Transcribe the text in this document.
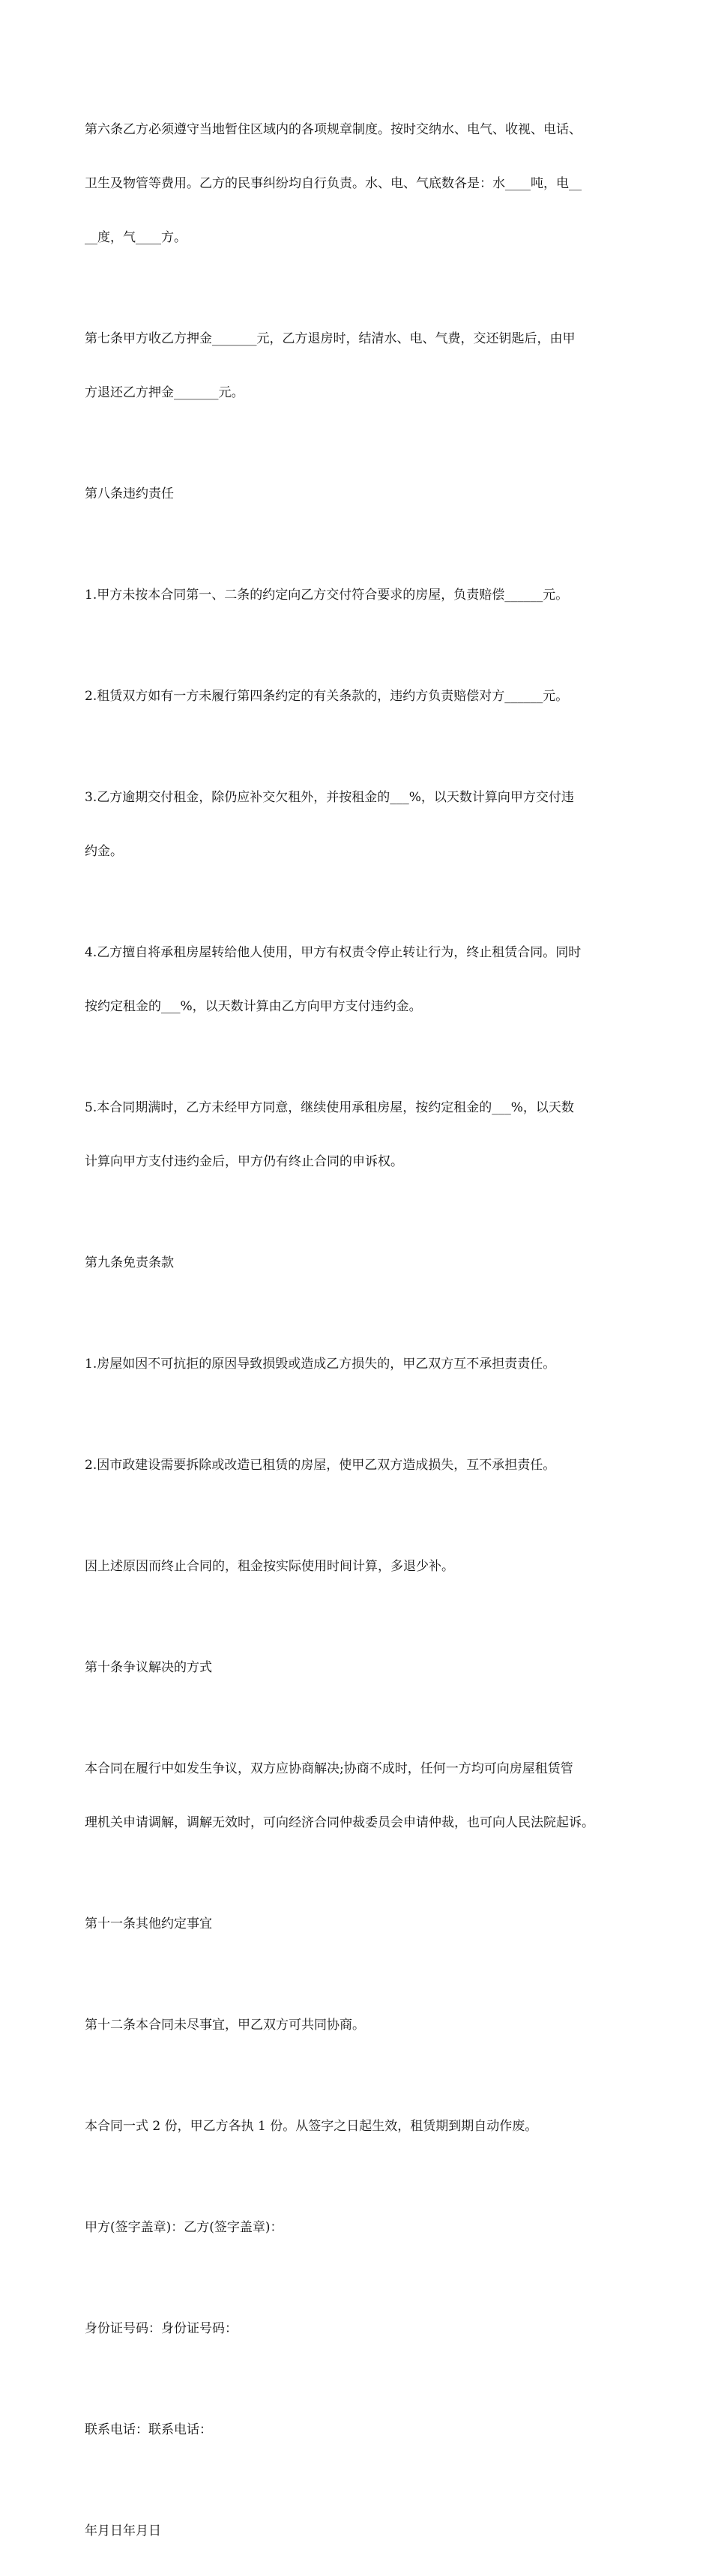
第六条乙方必须遵守当地暂住区域内的各项规章制度。按时交纳水、电气、收视、电话、

卫生及物管等费用。乙方的民事纠纷均自行负责。水、电、气底数各是：水____吨，电__

__度，气____方。

第七条甲方收乙方押金_______元，乙方退房时，结清水、电、气费，交还钥匙后，由甲

方退还乙方押金_______元。

第八条违约责任

1.甲方未按本合同第一、二条的约定向乙方交付符合要求的房屋，负责赔偿______元。

2.租赁双方如有一方未履行第四条约定的有关条款的，违约方负责赔偿对方______元。

3.乙方逾期交付租金，除仍应补交欠租外，并按租金的___%，以天数计算向甲方交付违

约金。

4.乙方擅自将承租房屋转给他人使用，甲方有权责令停止转让行为，终止租赁合同。同时

按约定租金的___%，以天数计算由乙方向甲方支付违约金。

5.本合同期满时，乙方未经甲方同意，继续使用承租房屋，按约定租金的___%，以天数

计算向甲方支付违约金后，甲方仍有终止合同的申诉权。

第九条免责条款

1.房屋如因不可抗拒的原因导致损毁或造成乙方损失的，甲乙双方互不承担责责任。

2.因市政建设需要拆除或改造已租赁的房屋，使甲乙双方造成损失，互不承担责任。

因上述原因而终止合同的，租金按实际使用时间计算，多退少补。

第十条争议解决的方式

本合同在履行中如发生争议，双方应协商解决;协商不成时，任何一方均可向房屋租赁管

理机关申请调解，调解无效时，可向经济合同仲裁委员会申请仲裁，也可向人民法院起诉。

第十一条其他约定事宜

第十二条本合同未尽事宜，甲乙双方可共同协商。

本合同一式 2 份，甲乙方各执 1 份。从签字之日起生效，租赁期到期自动作废。

甲方(签字盖章)：乙方(签字盖章)：

身份证号码：身份证号码：

联系电话：联系电话：

年月日年月日
